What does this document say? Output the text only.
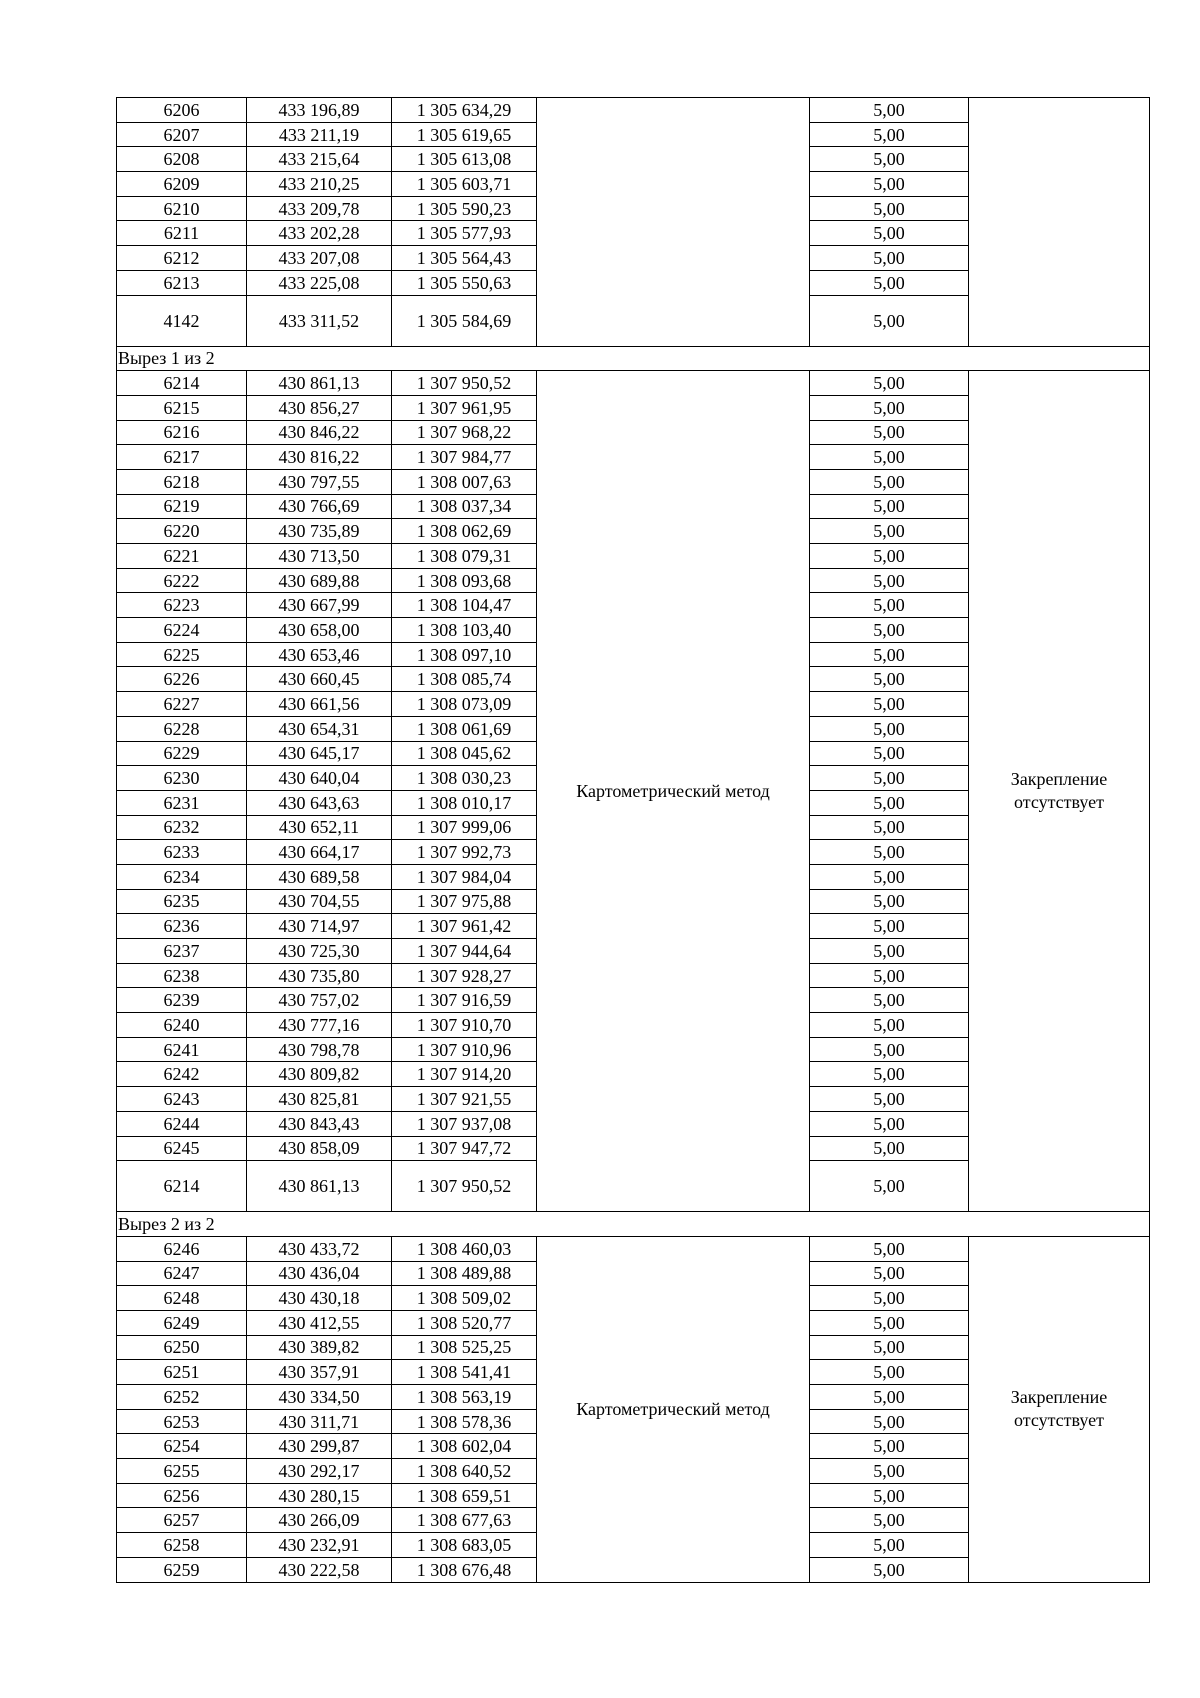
6206	433 196,89	1 305 634,29		5,00	
6207	433 211,19	1 305 619,65		5,00	
6208	433 215,64	1 305 613,08		5,00	
6209	433 210,25	1 305 603,71		5,00	
6210	433 209,78	1 305 590,23		5,00	
6211	433 202,28	1 305 577,93		5,00	
6212	433 207,08	1 305 564,43		5,00	
6213	433 225,08	1 305 550,63		5,00	
4142	433 311,52	1 305 584,69		5,00	
Вырез 1 из 2					
6214	430 861,13	1 307 950,52	Картометрический метод	5,00	Закрепление отсутствует
6215	430 856,27	1 307 961,95		5,00	
6216	430 846,22	1 307 968,22		5,00	
6217	430 816,22	1 307 984,77		5,00	
6218	430 797,55	1 308 007,63		5,00	
6219	430 766,69	1 308 037,34		5,00	
6220	430 735,89	1 308 062,69		5,00	
6221	430 713,50	1 308 079,31		5,00	
6222	430 689,88	1 308 093,68		5,00	
6223	430 667,99	1 308 104,47		5,00	
6224	430 658,00	1 308 103,40		5,00	
6225	430 653,46	1 308 097,10		5,00	
6226	430 660,45	1 308 085,74		5,00	
6227	430 661,56	1 308 073,09		5,00	
6228	430 654,31	1 308 061,69		5,00	
6229	430 645,17	1 308 045,62		5,00	
6230	430 640,04	1 308 030,23		5,00	
6231	430 643,63	1 308 010,17		5,00	
6232	430 652,11	1 307 999,06		5,00	
6233	430 664,17	1 307 992,73		5,00	
6234	430 689,58	1 307 984,04		5,00	
6235	430 704,55	1 307 975,88		5,00	
6236	430 714,97	1 307 961,42		5,00	
6237	430 725,30	1 307 944,64		5,00	
6238	430 735,80	1 307 928,27		5,00	
6239	430 757,02	1 307 916,59		5,00	
6240	430 777,16	1 307 910,70		5,00	
6241	430 798,78	1 307 910,96		5,00	
6242	430 809,82	1 307 914,20		5,00	
6243	430 825,81	1 307 921,55		5,00	
6244	430 843,43	1 307 937,08		5,00	
6245	430 858,09	1 307 947,72		5,00	
6214	430 861,13	1 307 950,52		5,00	
Вырез 2 из 2					
6246	430 433,72	1 308 460,03	Картометрический метод	5,00	Закрепление отсутствует
6247	430 436,04	1 308 489,88		5,00	
6248	430 430,18	1 308 509,02		5,00	
6249	430 412,55	1 308 520,77		5,00	
6250	430 389,82	1 308 525,25		5,00	
6251	430 357,91	1 308 541,41		5,00	
6252	430 334,50	1 308 563,19		5,00	
6253	430 311,71	1 308 578,36		5,00	
6254	430 299,87	1 308 602,04		5,00	
6255	430 292,17	1 308 640,52		5,00	
6256	430 280,15	1 308 659,51		5,00	
6257	430 266,09	1 308 677,63		5,00	
6258	430 232,91	1 308 683,05		5,00	
6259	430 222,58	1 308 676,48		5,00	
